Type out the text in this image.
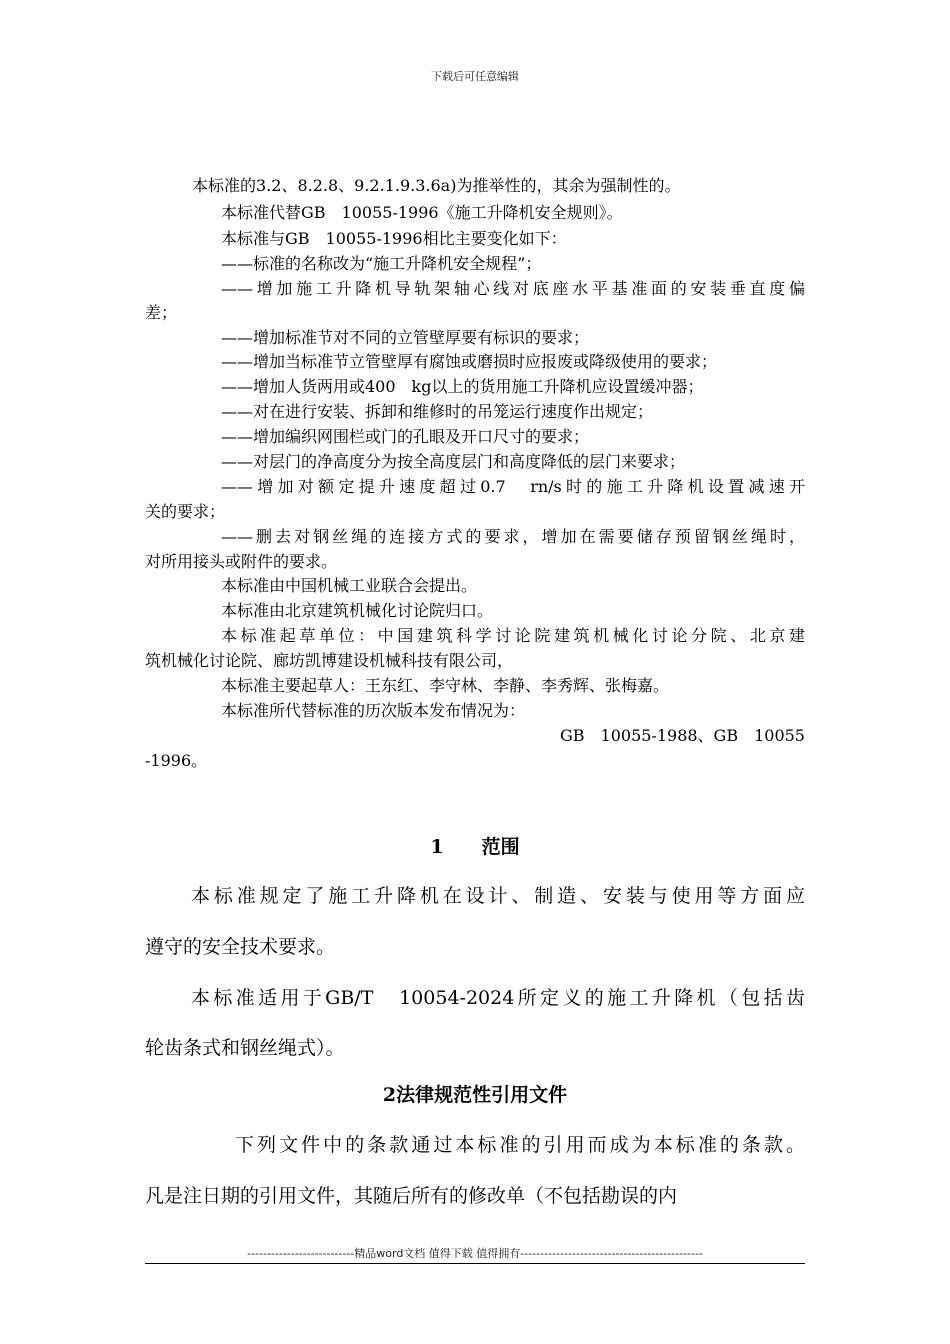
下载后可任意编辑
本标准的3.2、8.2.8、9.2.1.9.3.6a)为推举性的，其余为强制性的。
本标准代替GB　10055-1996《施工升降机安全规则》。
本标准与GB　10055-1996相比主要变化如下：
——标准的名称改为“施工升降机安全规程”；
——增加施工升降机导轨架轴心线对底座水平基准面的安装垂直度偏
差；
——增加标准节对不同的立管壁厚要有标识的要求；
——增加当标准节立管壁厚有腐蚀或磨损时应报废或降级使用的要求；
——增加人货两用或400　kg以上的货用施工升降机应设置缓冲器；
——对在进行安装、拆卸和维修时的吊笼运行速度作出规定；
——增加编织网围栏或门的孔眼及开口尺寸的要求；
——对层门的净高度分为按全高度层门和高度降低的层门来要求；
——增加对额定提升速度超过0.7　rn/s时的施工升降机设置减速开
关的要求；
——删去对钢丝绳的连接方式的要求，增加在需要储存预留钢丝绳时，
对所用接头或附件的要求。
本标准由中国机械工业联合会提出。
本标准由北京建筑机械化讨论院归口。
本标准起草单位：中国建筑科学讨论院建筑机械化讨论分院、北京建
筑机械化讨论院、廊坊凯博建设机械科技有限公司，
本标准主要起草人：王东红、李守林、李静、李秀辉、张梅嘉。
本标准所代替标准的历次版本发布情况为：
GB　10055-1988、GB　10055
-1996。
1　　范围
本标准规定了施工升降机在设计、制造、安装与使用等方面应
遵守的安全技术要求。
本标准适用于GB/T　10054-2024所定义的施工升降机（包括齿
轮齿条式和钢丝绳式）。
2法律规范性引用文件
下列文件中的条款通过本标准的引用而成为本标准的条款。
凡是注日期的引用文件，其随后所有的修改单（不包括勘误的内
---------------------------精品word文档 值得下载 值得拥有----------------------------------------------
